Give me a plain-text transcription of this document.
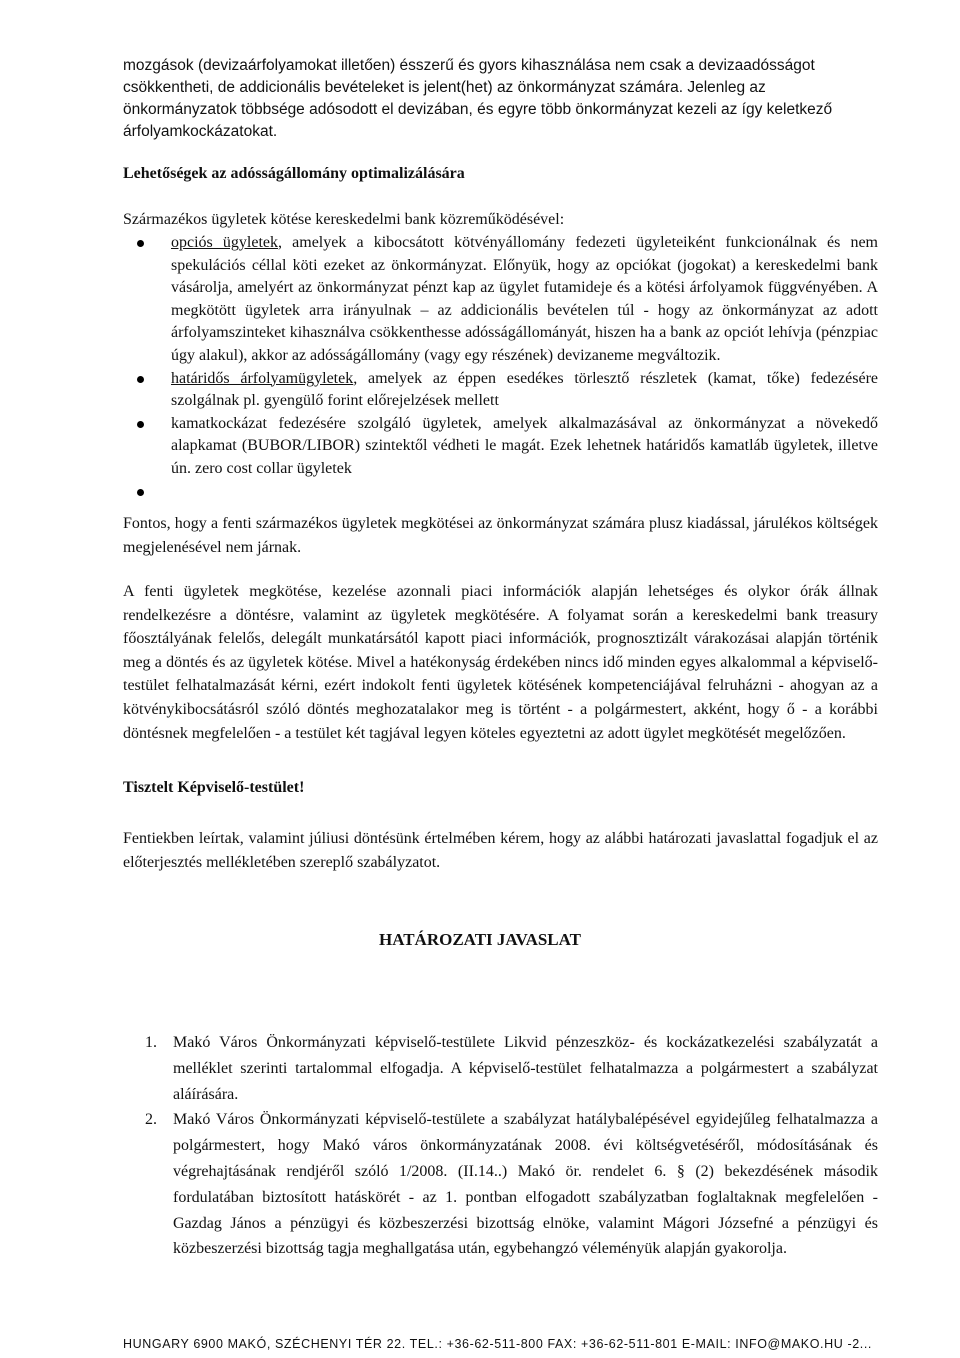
mozgások (devizaárfolyamokat illetően) ésszerű és gyors kihasználása nem csak a devizaadósságot csökkentheti, de addicionális bevételeket is jelent(het) az önkormányzat számára. Jelenleg az önkormányzatok többsége adósodott el devizában, és egyre több önkormányzat kezeli az így keletkező árfolyamkockázatokat.

Lehetőségek az adósságállomány optimalizálására

Származékos ügyletek kötése kereskedelmi bank közreműködésével:

opciós ügyletek, amelyek a kibocsátott kötvényállomány fedezeti ügyleteiként funkcionálnak és nem spekulációs céllal köti ezeket az önkormányzat. Előnyük, hogy az opciókat (jogokat) a kereskedelmi bank vásárolja, amelyért az önkormányzat pénzt kap az ügylet futamideje és a kötési árfolyamok függvényében. A megkötött ügyletek arra irányulnak – az addicionális bevételen túl - hogy az önkormányzat az adott árfolyamszinteket kihasználva csökkenthesse adósságállományát, hiszen ha a bank az opciót lehívja (pénzpiac úgy alakul), akkor az adósságállomány (vagy egy részének) devizaneme megváltozik.
határidős árfolyamügyletek, amelyek az éppen esedékes törlesztő részletek (kamat, tőke) fedezésére szolgálnak pl. gyengülő forint előrejelzések mellett
kamatkockázat fedezésére szolgáló ügyletek, amelyek alkalmazásával az önkormányzat a növekedő alapkamat (BUBOR/LIBOR) szintektől védheti le magát. Ezek lehetnek határidős kamatláb ügyletek, illetve ún. zero cost collar ügyletek

Fontos, hogy a fenti származékos ügyletek megkötései az önkormányzat számára plusz kiadással, járulékos költségek megjelenésével nem járnak.

A fenti ügyletek megkötése, kezelése azonnali piaci információk alapján lehetséges és olykor órák állnak rendelkezésre a döntésre, valamint az ügyletek megkötésére. A folyamat során a kereskedelmi bank treasury főosztályának felelős, delegált munkatársától kapott piaci információk, prognosztizált várakozásai alapján történik meg a döntés és az ügyletek kötése. Mivel a hatékonyság érdekében nincs idő minden egyes alkalommal a képviselő-testület felhatalmazását kérni, ezért indokolt fenti ügyletek kötésének kompetenciájával felruházni - ahogyan az a kötvénykibocsátásról szóló döntés meghozatalakor meg is történt - a polgármestert, akként, hogy ő - a korábbi döntésnek megfelelően - a testület két tagjával legyen köteles egyeztetni az adott ügylet megkötését megelőzően.

Tisztelt Képviselő-testület!

Fentiekben leírtak, valamint júliusi döntésünk értelmében kérem, hogy az alábbi határozati javaslattal fogadjuk el az előterjesztés mellékletében szereplő szabályzatot.

HATÁROZATI JAVASLAT
1. Makó Város Önkormányzati képviselő-testülete Likvid pénzeszköz- és kockázatkezelési szabályzatát a melléklet szerinti tartalommal elfogadja. A képviselő-testület felhatalmazza a polgármestert a szabályzat aláírására.
2. Makó Város Önkormányzati képviselő-testülete a szabályzat hatálybalépésével egyidejűleg felhatalmazza a polgármestert, hogy Makó város önkormányzatának 2008. évi költségvetéséről, módosításának és végrehajtásának rendjéről szóló 1/2008. (II.14..) Makó ör. rendelet 6. § (2) bekezdésének második fordulatában biztosított hatáskörét - az 1. pontban elfogadott szabályzatban foglaltaknak megfelelően - Gazdag János a pénzügyi és közbeszerzési bizottság elnöke, valamint Mágori Józsefné a pénzügyi és közbeszerzési bizottság tagja meghallgatása után, egybehangzó véleményük alapján gyakorolja.
HUNGARY 6900 MAKÓ, SZÉCHENYI TÉR 22. TEL.: +36-62-511-800 FAX: +36-62-511-801 E-MAIL: INFO@MAKO.HU -2...
